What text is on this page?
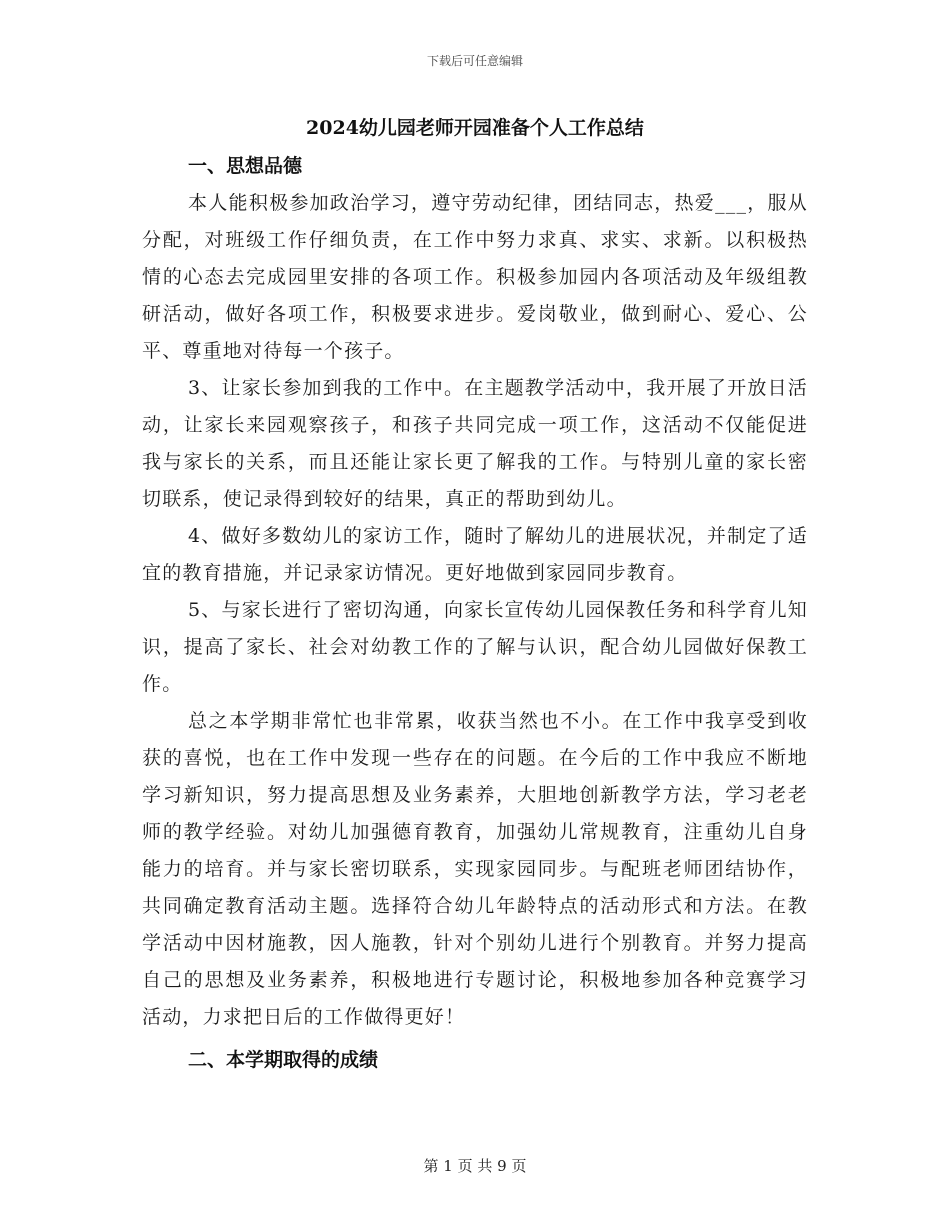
下载后可任意编辑
2024幼儿园老师开园准备个人工作总结

一、思想品德

本人能积极参加政治学习，遵守劳动纪律，团结同志，热爱___，服从分配，对班级工作仔细负责，在工作中努力求真、求实、求新。以积极热情的心态去完成园里安排的各项工作。积极参加园内各项活动及年级组教研活动，做好各项工作，积极要求进步。爱岗敬业，做到耐心、爱心、公平、尊重地对待每一个孩子。

3、让家长参加到我的工作中。在主题教学活动中，我开展了开放日活动，让家长来园观察孩子，和孩子共同完成一项工作，这活动不仅能促进我与家长的关系，而且还能让家长更了解我的工作。与特别儿童的家长密切联系，使记录得到较好的结果，真正的帮助到幼儿。

4、做好多数幼儿的家访工作，随时了解幼儿的进展状况，并制定了适宜的教育措施，并记录家访情况。更好地做到家园同步教育。

5、与家长进行了密切沟通，向家长宣传幼儿园保教任务和科学育儿知识，提高了家长、社会对幼教工作的了解与认识，配合幼儿园做好保教工作。

总之本学期非常忙也非常累，收获当然也不小。在工作中我享受到收获的喜悦，也在工作中发现一些存在的问题。在今后的工作中我应不断地学习新知识，努力提高思想及业务素养，大胆地创新教学方法，学习老老师的教学经验。对幼儿加强德育教育，加强幼儿常规教育，注重幼儿自身能力的培育。并与家长密切联系，实现家园同步。与配班老师团结协作，共同确定教育活动主题。选择符合幼儿年龄特点的活动形式和方法。在教学活动中因材施教，因人施教，针对个别幼儿进行个别教育。并努力提高自己的思想及业务素养，积极地进行专题讨论，积极地参加各种竞赛学习活动，力求把日后的工作做得更好！

二、本学期取得的成绩

第 1 页 共 9 页
